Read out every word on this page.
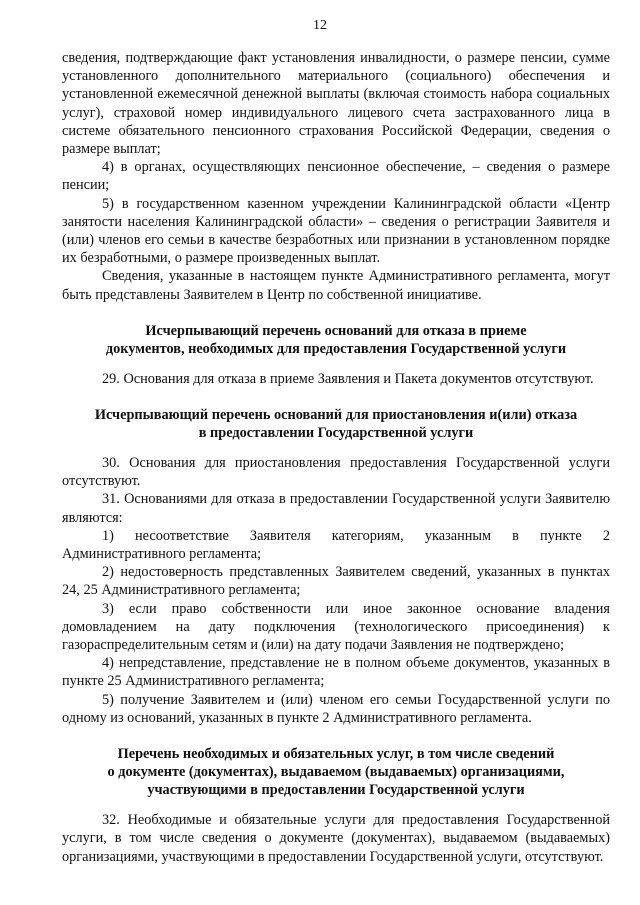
12

сведения, подтверждающие факт установления инвалидности, о размере пенсии, сумме установленного дополнительного материального (социального) обеспечения и установленной ежемесячной денежной выплаты (включая стоимость набора социальных услуг), страховой номер индивидуального лицевого счета застрахованного лица в системе обязательного пенсионного страхования Российской Федерации, сведения о размере выплат;

4) в органах, осуществляющих пенсионное обеспечение, – сведения о размере пенсии;

5) в государственном казенном учреждении Калининградской области «Центр занятости населения Калининградской области» – сведения о регистрации Заявителя и (или) членов его семьи в качестве безработных или признании в установленном порядке их безработными, о размере произведенных выплат.

Сведения, указанные в настоящем пункте Административного регламента, могут быть представлены Заявителем в Центр по собственной инициативе.

Исчерпывающий перечень оснований для отказа в приеме

документов, необходимых для предоставления Государственной услуги

29. Основания для отказа в приеме Заявления и Пакета документов отсутствуют.

Исчерпывающий перечень оснований для приостановления и(или) отказа

в предоставлении Государственной услуги

30. Основания для приостановления предоставления Государственной услуги отсутствуют.

31. Основаниями для отказа в предоставлении Государственной услуги Заявителю являются:

1) несоответствие Заявителя категориям, указанным в пункте 2 Административного регламента;

2) недостоверность представленных Заявителем сведений, указанных в пунктах 24, 25 Административного регламента;

3) если право собственности или иное законное основание владения домовладением на дату подключения (технологического присоединения) к газораспределительным сетям и (или) на дату подачи Заявления не подтверждено;

4) непредставление, представление не в полном объеме документов, указанных в пункте 25 Административного регламента;

5) получение Заявителем и (или) членом его семьи Государственной услуги по одному из оснований, указанных в пункте 2 Административного регламента.

Перечень необходимых и обязательных услуг, в том числе сведений

о документе (документах), выдаваемом (выдаваемых) организациями,

участвующими в предоставлении Государственной услуги

32. Необходимые и обязательные услуги для предоставления Государственной услуги, в том числе сведения о документе (документах), выдаваемом (выдаваемых) организациями, участвующими в предоставлении Государственной услуги, отсутствуют.
